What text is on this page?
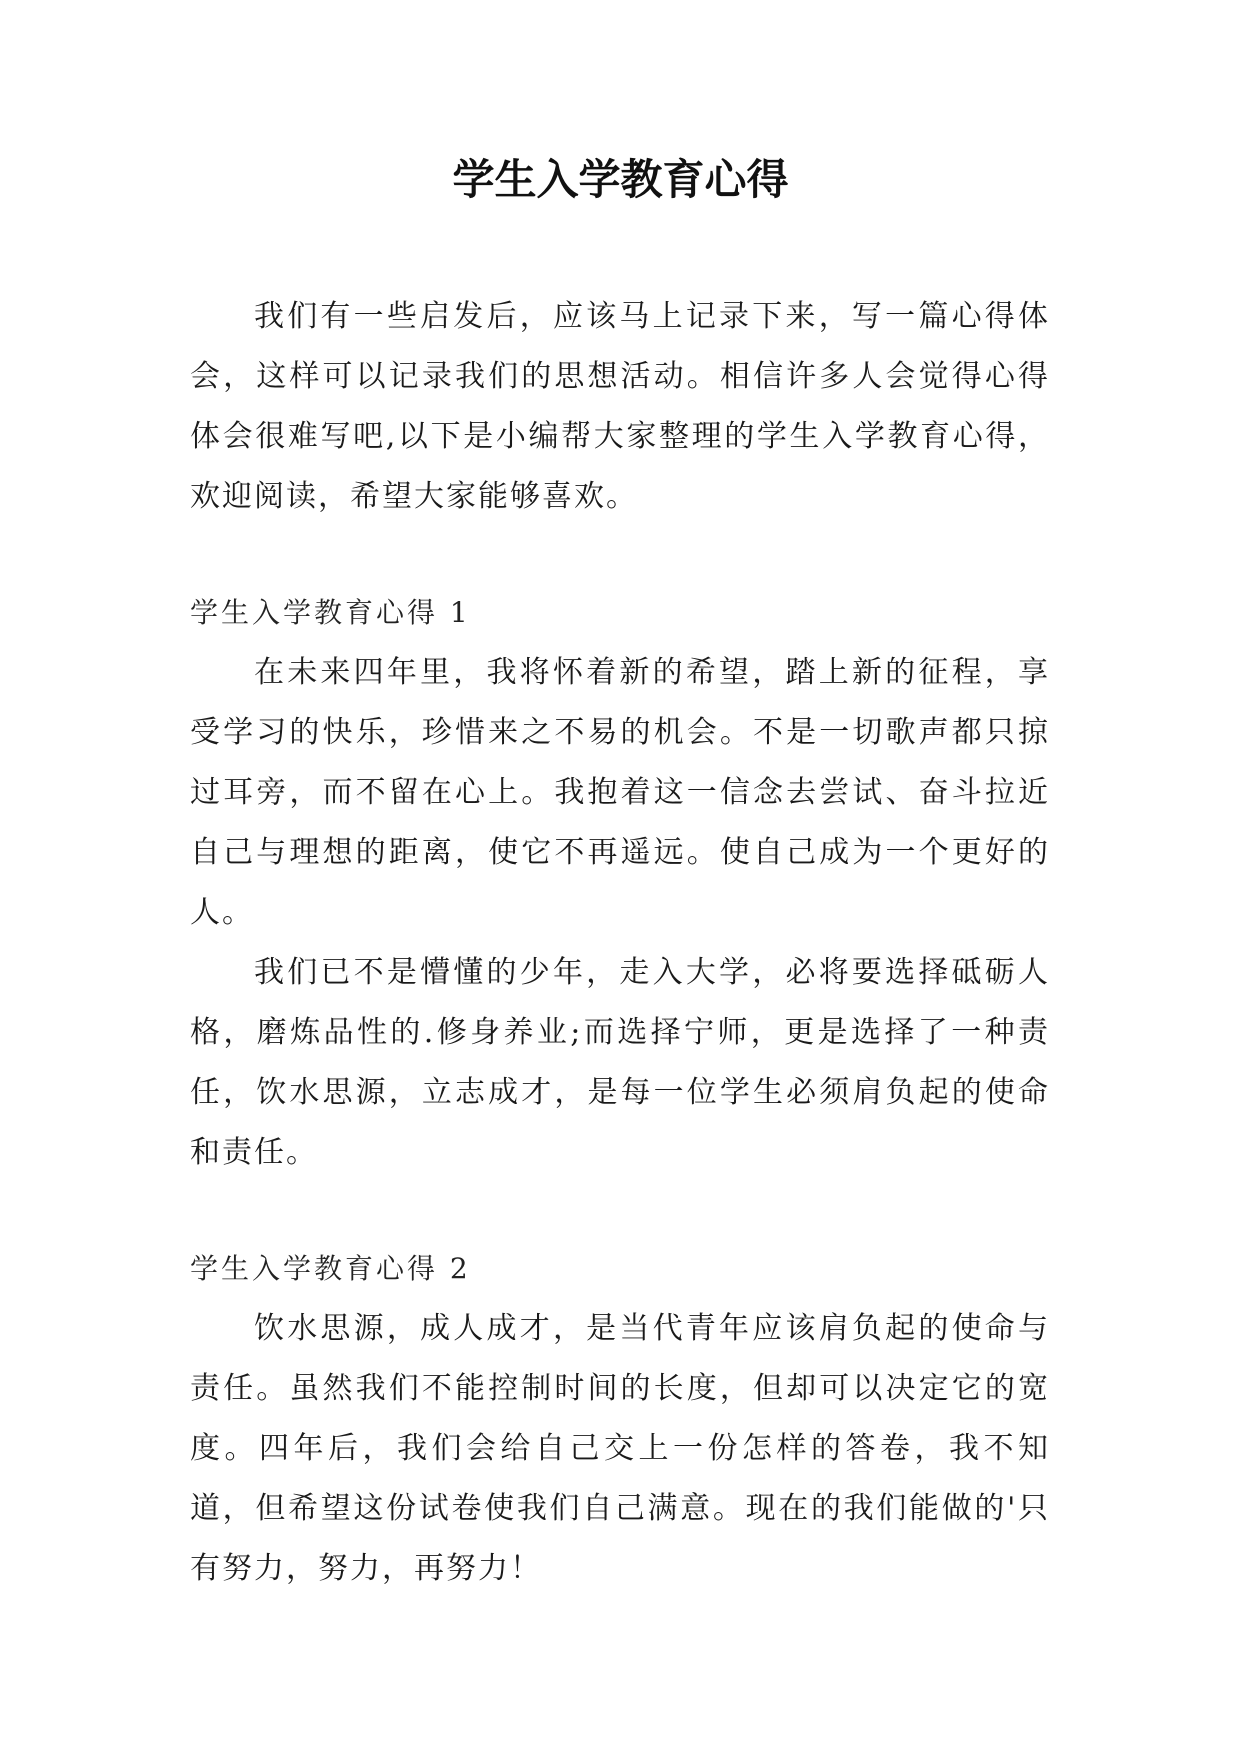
学生入学教育心得

我们有一些启发后，应该马上记录下来，写一篇心得体会，这样可以记录我们的思想活动。相信许多人会觉得心得体会很难写吧,以下是小编帮大家整理的学生入学教育心得，欢迎阅读，希望大家能够喜欢。

学生入学教育心得 1

在未来四年里，我将怀着新的希望，踏上新的征程，享受学习的快乐，珍惜来之不易的机会。不是一切歌声都只掠过耳旁，而不留在心上。我抱着这一信念去尝试、奋斗拉近自己与理想的距离，使它不再遥远。使自己成为一个更好的人。

我们已不是懵懂的少年，走入大学，必将要选择砥砺人格，磨炼品性的.修身养业;而选择宁师，更是选择了一种责任，饮水思源，立志成才，是每一位学生必须肩负起的使命和责任。

学生入学教育心得 2

饮水思源，成人成才，是当代青年应该肩负起的使命与责任。虽然我们不能控制时间的长度，但却可以决定它的宽度。四年后，我们会给自己交上一份怎样的答卷，我不知道，但希望这份试卷使我们自己满意。现在的我们能做的'只有努力，努力，再努力！
